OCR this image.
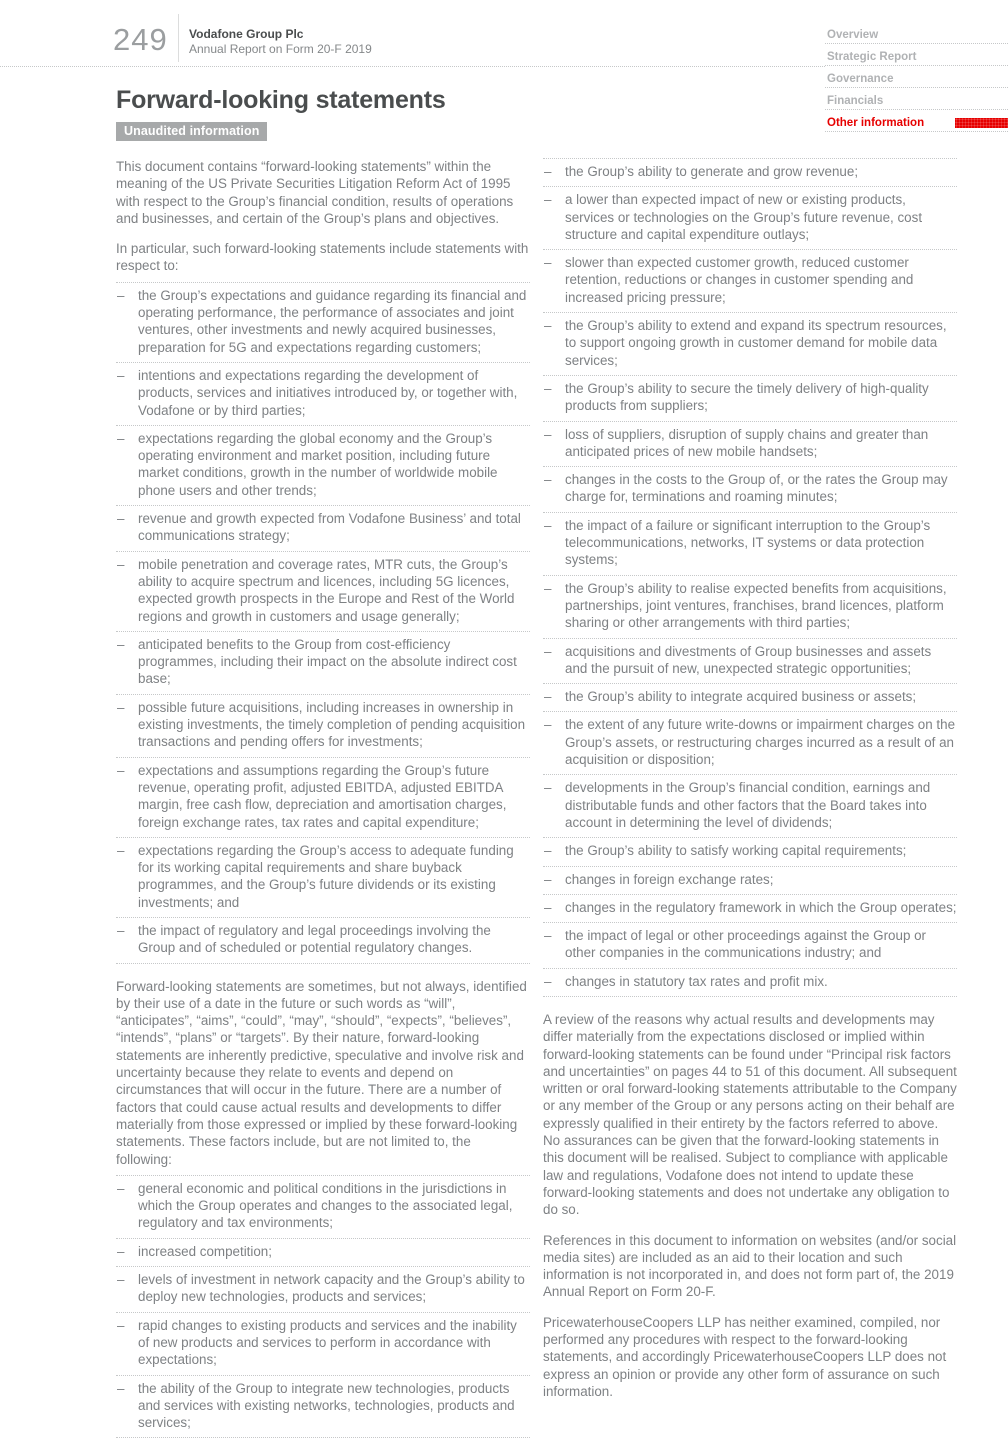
249 Vodafone Group Plc
Annual Report on Form 20-F 2019
Overview
Strategic Report
Governance
Financials
Other information
Forward-looking statements
Unaudited information

This document contains “forward-looking statements” within the meaning of the US Private Securities Litigation Reform Act of 1995 with respect to the Group’s financial condition, results of operations and businesses, and certain of the Group’s plans and objectives.

In particular, such forward-looking statements include statements with respect to:

– the Group’s expectations and guidance regarding its financial and operating performance, the performance of associates and joint ventures, other investments and newly acquired businesses, preparation for 5G and expectations regarding customers;
– intentions and expectations regarding the development of products, services and initiatives introduced by, or together with, Vodafone or by third parties;
– expectations regarding the global economy and the Group’s operating environment and market position, including future market conditions, growth in the number of worldwide mobile phone users and other trends;
– revenue and growth expected from Vodafone Business’ and total communications strategy;
– mobile penetration and coverage rates, MTR cuts, the Group’s ability to acquire spectrum and licences, including 5G licences, expected growth prospects in the Europe and Rest of the World regions and growth in customers and usage generally;
– anticipated benefits to the Group from cost-efficiency programmes, including their impact on the absolute indirect cost base;
– possible future acquisitions, including increases in ownership in existing investments, the timely completion of pending acquisition transactions and pending offers for investments;
– expectations and assumptions regarding the Group’s future revenue, operating profit, adjusted EBITDA, adjusted EBITDA margin, free cash flow, depreciation and amortisation charges, foreign exchange rates, tax rates and capital expenditure;
– expectations regarding the Group’s access to adequate funding for its working capital requirements and share buyback programmes, and the Group’s future dividends or its existing investments; and
– the impact of regulatory and legal proceedings involving the Group and of scheduled or potential regulatory changes.

Forward-looking statements are sometimes, but not always, identified by their use of a date in the future or such words as “will”, “anticipates”, “aims”, “could”, “may”, “should”, “expects”, “believes”, “intends”, “plans” or “targets”. By their nature, forward-looking statements are inherently predictive, speculative and involve risk and uncertainty because they relate to events and depend on circumstances that will occur in the future. There are a number of factors that could cause actual results and developments to differ materially from those expressed or implied by these forward-looking statements. These factors include, but are not limited to, the following:

– general economic and political conditions in the jurisdictions in which the Group operates and changes to the associated legal, regulatory and tax environments;
– increased competition;
– levels of investment in network capacity and the Group’s ability to deploy new technologies, products and services;
– rapid changes to existing products and services and the inability of new products and services to perform in accordance with expectations;
– the ability of the Group to integrate new technologies, products and services with existing networks, technologies, products and services;
– the Group’s ability to generate and grow revenue;
– a lower than expected impact of new or existing products, services or technologies on the Group’s future revenue, cost structure and capital expenditure outlays;
– slower than expected customer growth, reduced customer retention, reductions or changes in customer spending and increased pricing pressure;
– the Group’s ability to extend and expand its spectrum resources, to support ongoing growth in customer demand for mobile data services;
– the Group’s ability to secure the timely delivery of high-quality products from suppliers;
– loss of suppliers, disruption of supply chains and greater than anticipated prices of new mobile handsets;
– changes in the costs to the Group of, or the rates the Group may charge for, terminations and roaming minutes;
– the impact of a failure or significant interruption to the Group’s telecommunications, networks, IT systems or data protection systems;
– the Group’s ability to realise expected benefits from acquisitions, partnerships, joint ventures, franchises, brand licences, platform sharing or other arrangements with third parties;
– acquisitions and divestments of Group businesses and assets and the pursuit of new, unexpected strategic opportunities;
– the Group’s ability to integrate acquired business or assets;
– the extent of any future write-downs or impairment charges on the Group’s assets, or restructuring charges incurred as a result of an acquisition or disposition;
– developments in the Group’s financial condition, earnings and distributable funds and other factors that the Board takes into account in determining the level of dividends;
– the Group’s ability to satisfy working capital requirements;
– changes in foreign exchange rates;
– changes in the regulatory framework in which the Group operates;
– the impact of legal or other proceedings against the Group or other companies in the communications industry; and
– changes in statutory tax rates and profit mix.

A review of the reasons why actual results and developments may differ materially from the expectations disclosed or implied within forward-looking statements can be found under “Principal risk factors and uncertainties” on pages 44 to 51 of this document. All subsequent written or oral forward-looking statements attributable to the Company or any member of the Group or any persons acting on their behalf are expressly qualified in their entirety by the factors referred to above. No assurances can be given that the forward-looking statements in this document will be realised. Subject to compliance with applicable law and regulations, Vodafone does not intend to update these forward-looking statements and does not undertake any obligation to do so.

References in this document to information on websites (and/or social media sites) are included as an aid to their location and such information is not incorporated in, and does not form part of, the 2019 Annual Report on Form 20-F.

PricewaterhouseCoopers LLP has neither examined, compiled, nor performed any procedures with respect to the forward-looking statements, and accordingly PricewaterhouseCoopers LLP does not express an opinion or provide any other form of assurance on such information.
